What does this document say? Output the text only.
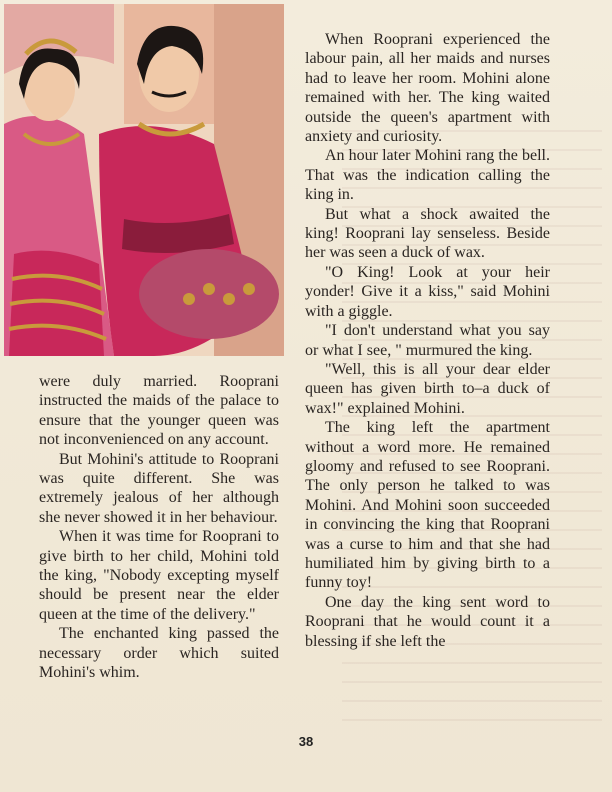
were duly married. Rooprani instructed the maids of the palace to ensure that the younger queen was not inconvenienced on any account.

But Mohini's attitude to Rooprani was quite different. She was extremely jealous of her although she never showed it in her behaviour.

When it was time for Rooprani to give birth to her child, Mohini told the king, "Nobody excepting myself should be present near the elder queen at the time of the delivery."

The enchanted king passed the necessary order which suited Mohini's whim.

When Rooprani experienced the labour pain, all her maids and nurses had to leave her room. Mohini alone remained with her. The king waited outside the queen's apartment with anxiety and curiosity.

An hour later Mohini rang the bell. That was the indication calling the king in.

But what a shock awaited the king! Rooprani lay senseless. Beside her was seen a duck of wax.

"O King! Look at your heir yonder! Give it a kiss," said Mohini with a giggle.

"I don't understand what you say or what I see, " murmured the king.

"Well, this is all your dear elder queen has given birth to–a duck of wax!" explained Mohini.

The king left the apartment without a word more. He remained gloomy and refused to see Rooprani. The only person he talked to was Mohini. And Mohini soon succeeded in convincing the king that Rooprani was a curse to him and that she had humiliated him by giving birth to a funny toy!

One day the king sent word to Rooprani that he would count it a blessing if she left the

38
